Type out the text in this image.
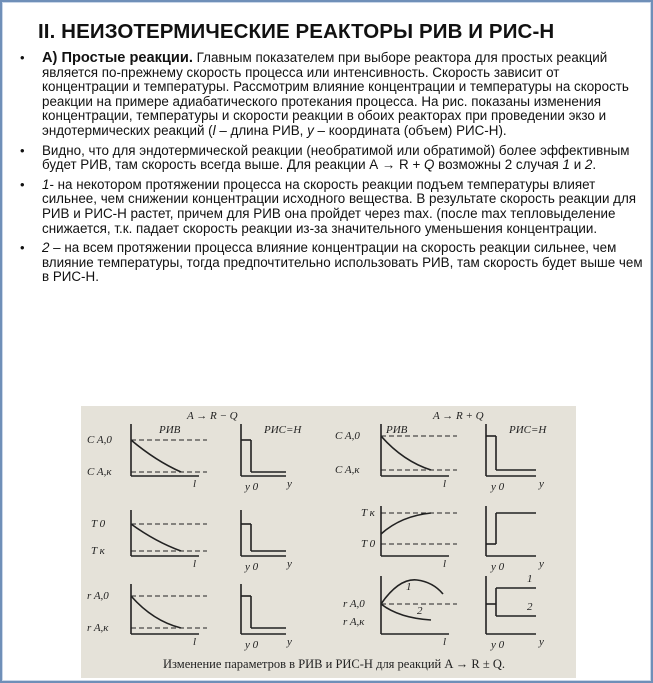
II. НЕИЗОТЕРМИЧЕСКИЕ РЕАКТОРЫ РИВ И РИС-Н
• А) Простые реакции. Главным показателем при выборе реактора для простых реакций является по-прежнему скорость процесса или интенсивность. Скорость зависит от концентрации и температуры. Рассмотрим влияние концентрации и температуры на скорость реакции на примере адиабатического протекания процесса. На рис. показаны изменения концентрации, температуры и скорости реакции в обоих реакторах при проведении экзо и эндотермических реакций (l – длина РИВ, у – координата (объем) РИС-Н).
• Видно, что для эндотермической реакции (необратимой или обратимой) более эффективным будет РИВ, там скорость всегда выше. Для реакции А → R + Q возможны 2 случая 1 и 2.
• 1- на некотором протяжении процесса на скорость реакции подъем температуры влияет сильнее, чем снижении концентрации исходного вещества. В результате скорость реакции для РИВ и РИС-Н растет, причем для РИВ она пройдет через max. (после max тепловыделение снижается, т.к. падает скорость реакции из-за значительного уменьшения концентрации.
• 2 – на всем протяжении процесса влияние концентрации на скорость реакции сильнее, чем влияние температуры, тогда предпочтительно использовать РИВ, там скорость будет выше чем в РИС-Н.
A → R − Q	A → R + Q
РИВ	РИС=Н	РИВ	РИС=Н
C A,0
C A,к
T 0
T к
r A,0
r A,к
C A,0
C A,к
T к
T 0
r A,0
r A,к
l	y
y 0
l	y
y 0
l	y
y 0
l	y
y 0
l	y
y 0
l	y
y 0
1
2
1
2
Изменение параметров в РИВ и РИС-Н для реакций A → R ± Q.
